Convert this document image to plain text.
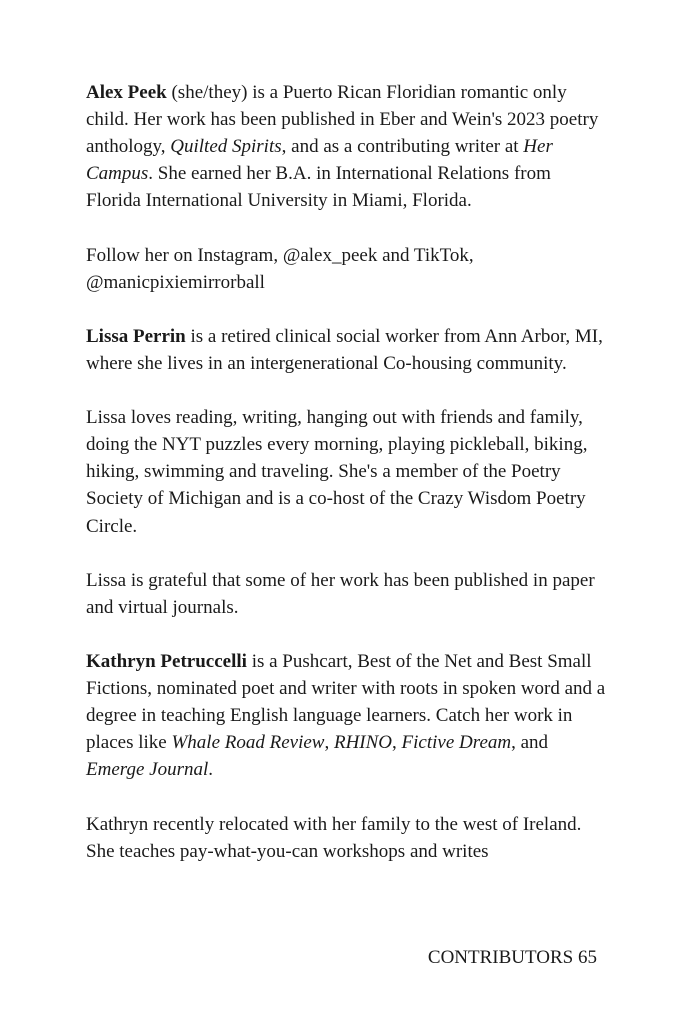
Alex Peek (she/they) is a Puerto Rican Floridian romantic only child. Her work has been published in Eber and Wein's 2023 poetry anthology, Quilted Spirits, and as a contributing writer at Her Campus. She earned her B.A. in International Relations from Florida International University in Miami, Florida.

Follow her on Instagram, @alex_peek and TikTok, @manicpixiemirrorball

Lissa Perrin is a retired clinical social worker from Ann Arbor, MI, where she lives in an intergenerational Co-housing community.

Lissa loves reading, writing, hanging out with friends and family, doing the NYT puzzles every morning, playing pickleball, biking, hiking, swimming and traveling. She's a member of the Poetry Society of Michigan and is a co-host of the Crazy Wisdom Poetry Circle.

Lissa is grateful that some of her work has been published in paper and virtual journals.

Kathryn Petruccelli is a Pushcart, Best of the Net and Best Small Fictions, nominated poet and writer with roots in spoken word and a degree in teaching English language learners. Catch her work in places like Whale Road Review, RHINO, Fictive Dream, and Emerge Journal.

Kathryn recently relocated with her family to the west of Ireland. She teaches pay-what-you-can workshops and writes

CONTRIBUTORS 65
